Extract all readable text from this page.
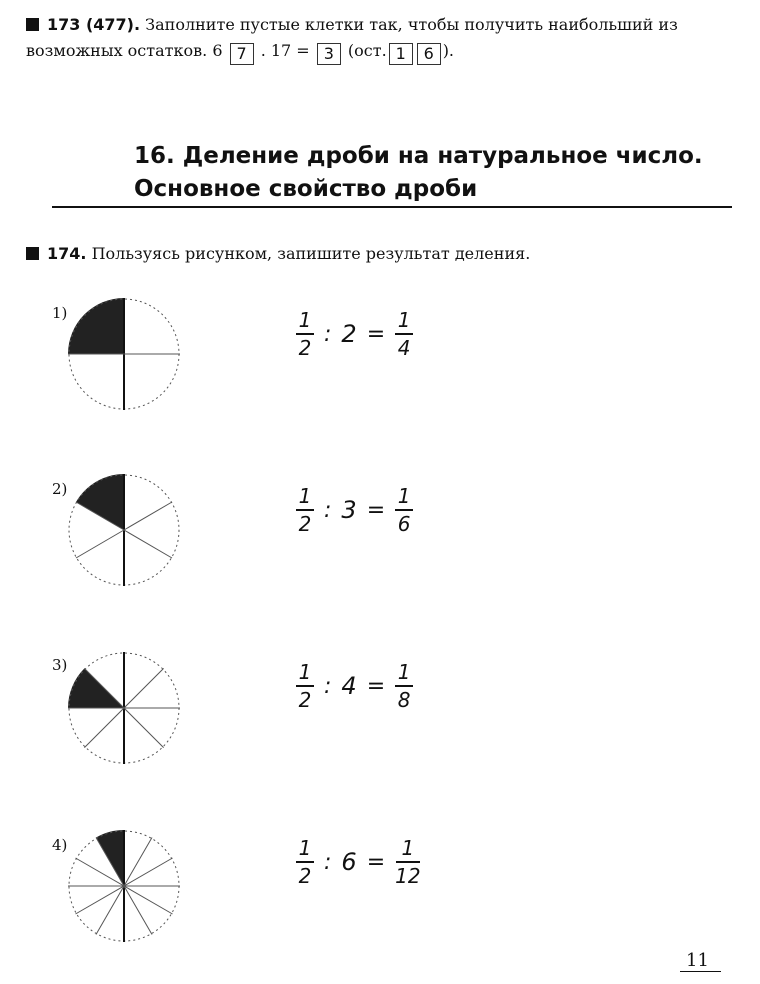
173 (477). Заполните пустые клетки так, чтобы получить наибольший из возможных остатков. 6 7 . 17 = 3 (ост. 1 6 ).
16. Деление дроби на натуральное число.
Основное свойство дроби
174. Пользуясь рисунком, запишите результат деления.
1)	$\frac{1}{2}$ : $2 = \frac{1}{4}$
2)	$\frac{1}{2}$ : $3 = \frac{1}{6}$
3)	$\frac{1}{2}$ : $4 = \frac{1}{8}$
4)	$\frac{1}{2}$ : $6 = \frac{1}{12}$
11
